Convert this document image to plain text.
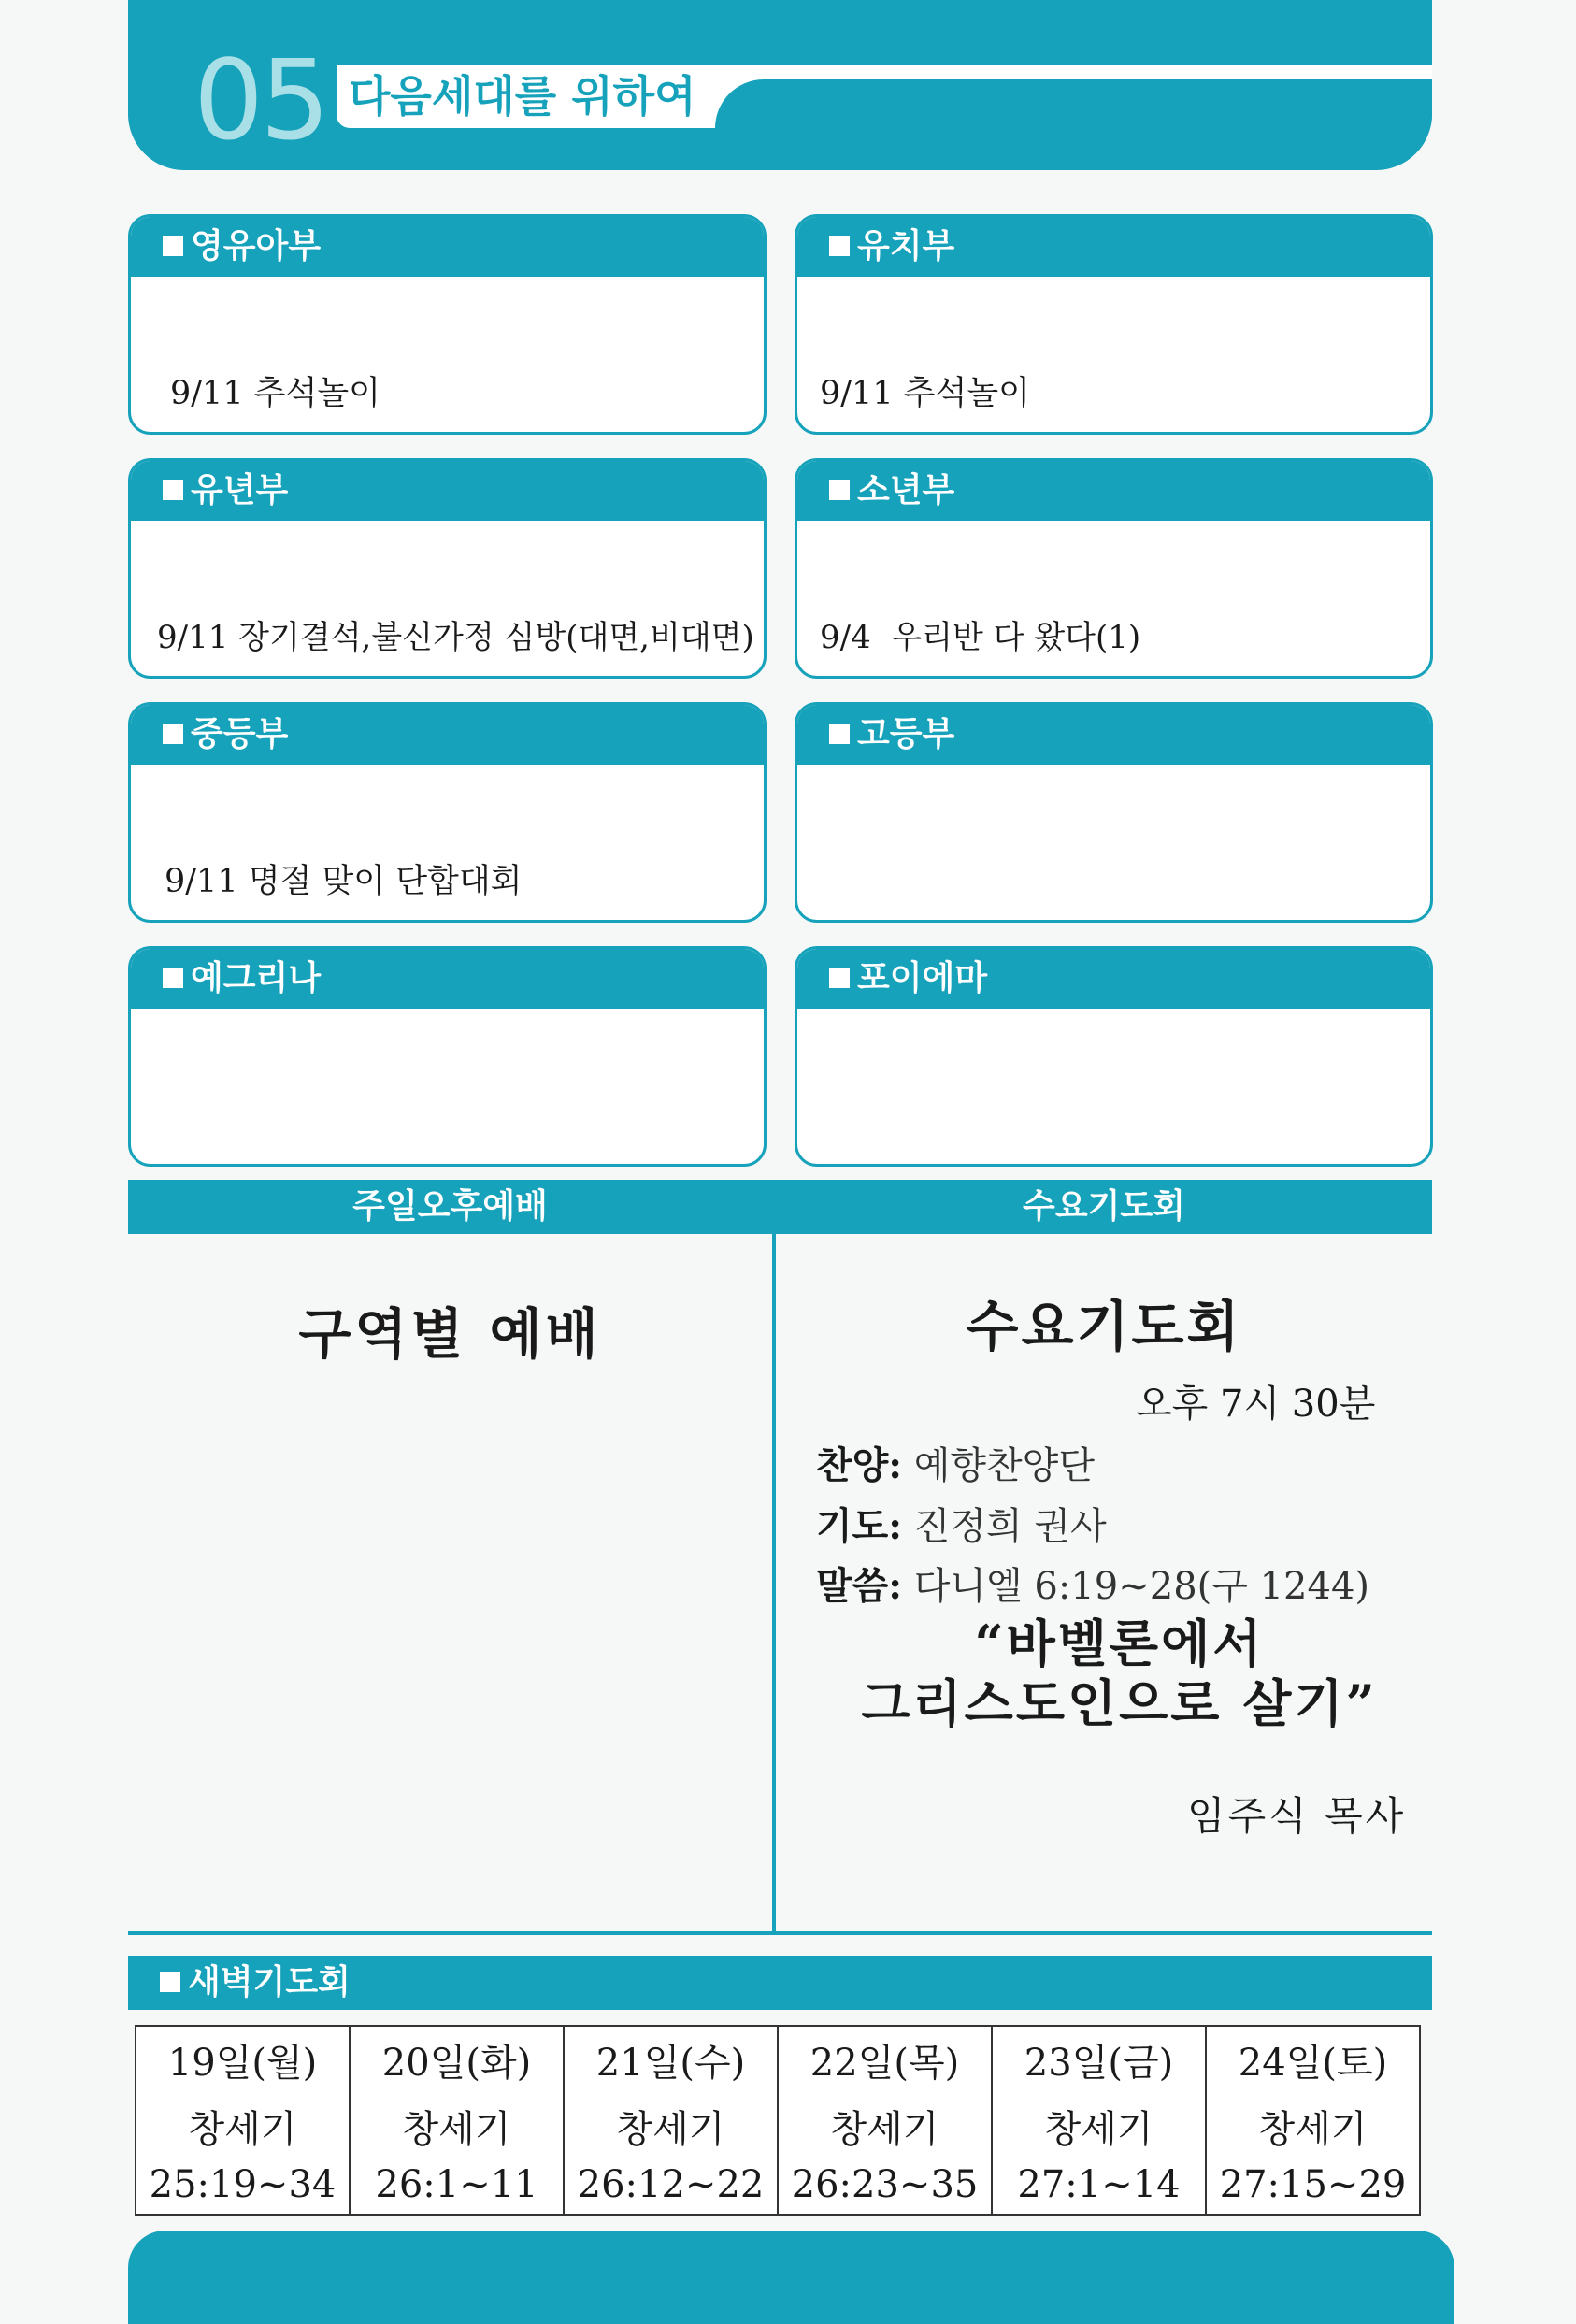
05 다음세대를 위하여
영유아부

9/11 추석놀이

유치부

9/11 추석놀이

유년부

9/11 장기결석,불신가정 심방(대면,비대면)

소년부

9/4  우리반 다 왔다(1)

중등부

9/11 명절 맞이 단합대회

고등부

예그리나

	포이에마

주일오후예배	수요기도회
구역별 예배	수요기도회
오후 7시 30분
찬양: 예향찬양단
기도: 진정희 권사
말씀: 다니엘 6:19~28(구 1244)
“바벨론에서
그리스도인으로 살기”
임주식 목사
새벽기도회
19일(월)	20일(화)	21일(수)	22일(목)	23일(금)	24일(토)
창세기	창세기	창세기	창세기	창세기	창세기
25:19~34	26:1~11	26:12~22	26:23~35	27:1~14	27:15~29
